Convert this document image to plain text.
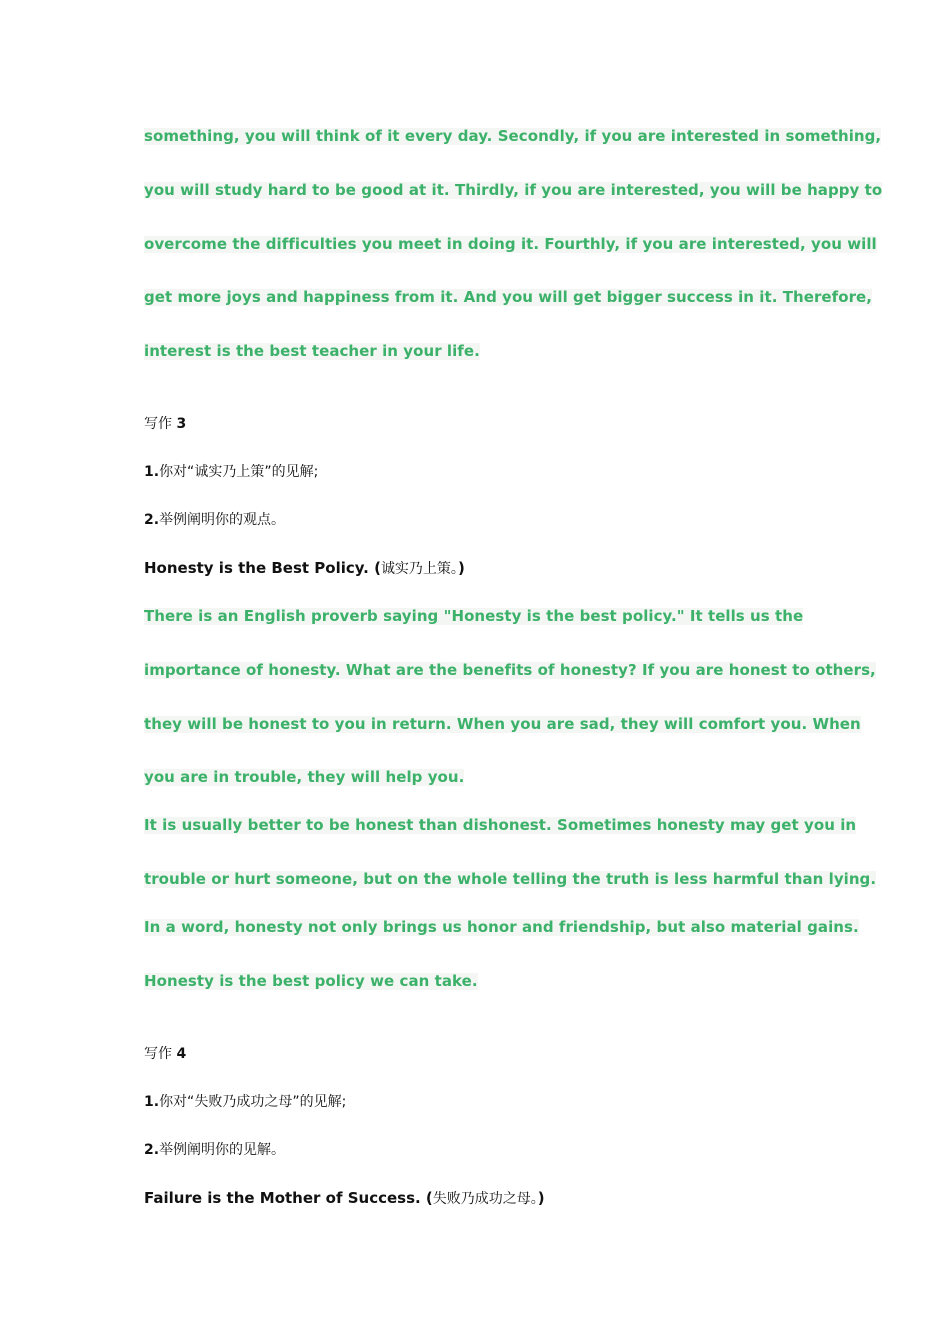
something, you will think of it every day. Secondly, if you are interested in something,
you will study hard to be good at it. Thirdly, if you are interested, you will be happy to
overcome the difficulties you meet in doing it. Fourthly, if you are interested, you will
get more joys and happiness from it. And you will get bigger success in it. Therefore,
interest is the best teacher in your life.
写作 3
1.你对“诚实乃上策”的见解;
2.举例阐明你的观点。
Honesty is the Best Policy. (诚实乃上策。)
There is an English proverb saying "Honesty is the best policy." It tells us the
importance of honesty. What are the benefits of honesty? If you are honest to others,
they will be honest to you in return. When you are sad, they will comfort you. When
you are in trouble, they will help you.
It is usually better to be honest than dishonest. Sometimes honesty may get you in
trouble or hurt someone, but on the whole telling the truth is less harmful than lying.
In a word, honesty not only brings us honor and friendship, but also material gains.
Honesty is the best policy we can take.
写作 4
1.你对“失败乃成功之母”的见解;
2.举例阐明你的见解。
Failure is the Mother of Success. (失败乃成功之母。)
